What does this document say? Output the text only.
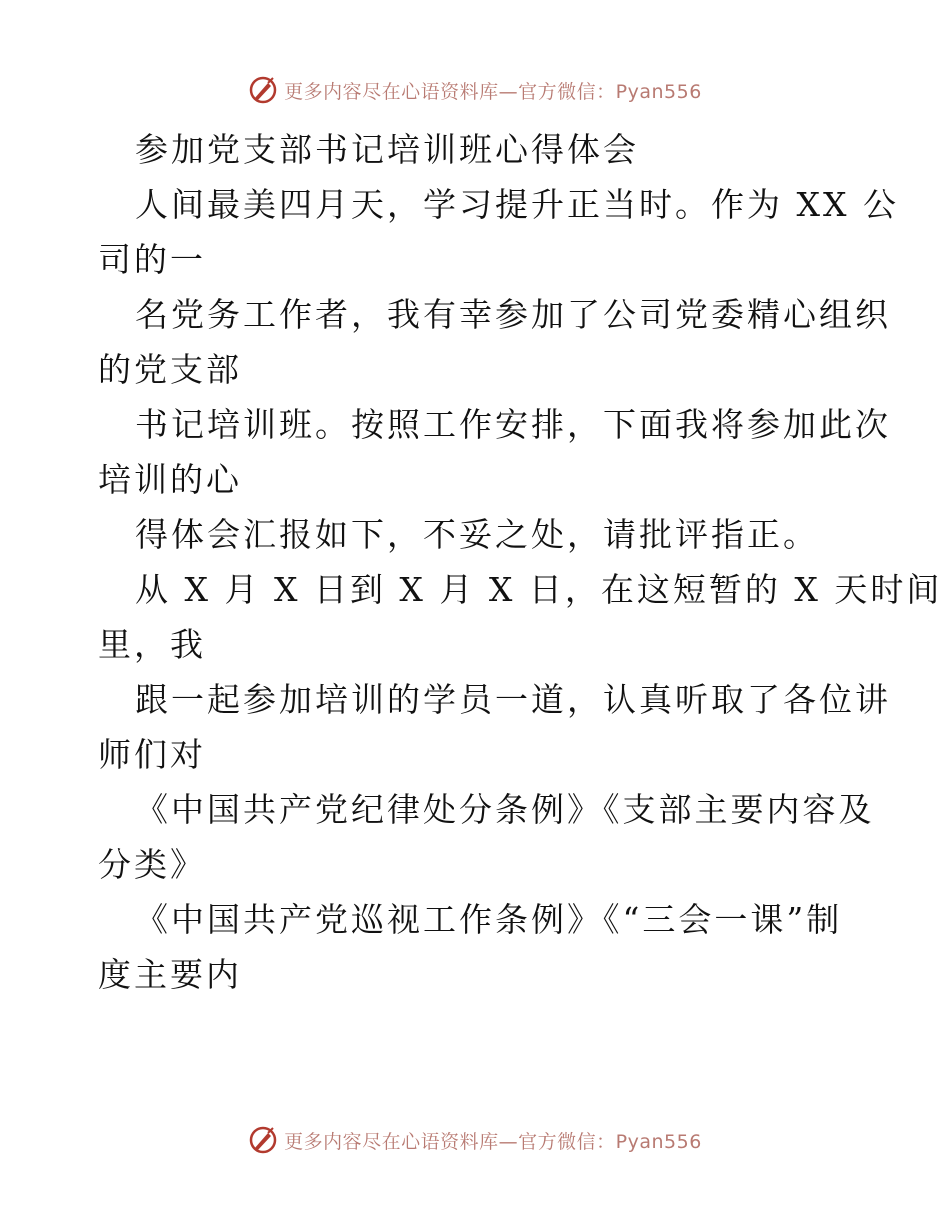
更多内容尽在心语资料库—官方微信：Pyan556
参加党支部书记培训班心得体会
人间最美四月天，学习提升正当时。作为 XX 公
司的一
名党务工作者，我有幸参加了公司党委精心组织
的党支部
书记培训班。按照工作安排，下面我将参加此次
培训的心
得体会汇报如下，不妥之处，请批评指正。
从 X 月 X 日到 X 月 X 日，在这短暂的 X 天时间
里，我
跟一起参加培训的学员一道，认真听取了各位讲
师们对
《中国共产党纪律处分条例》《支部主要内容及
分类》
《中国共产党巡视工作条例》《“三会一课”制
度主要内
更多内容尽在心语资料库—官方微信：Pyan556
